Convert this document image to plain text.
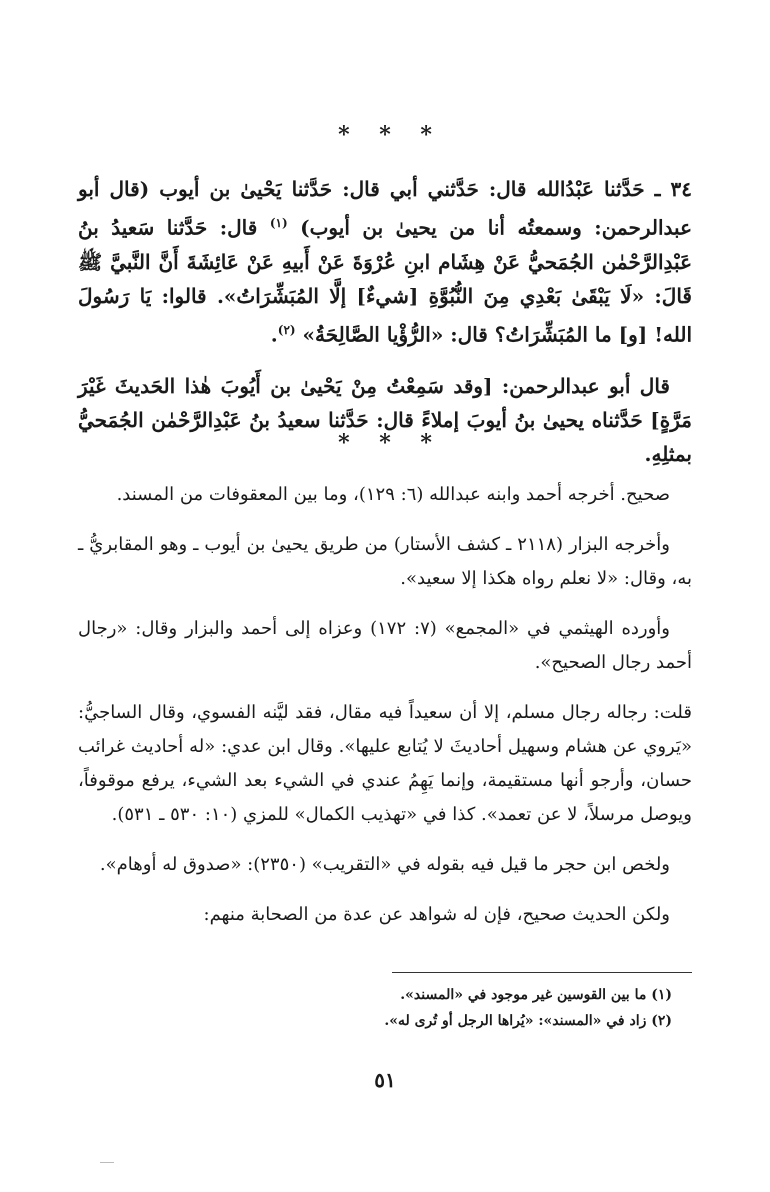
* * *

٣٤ ـ حَدَّثنا عَبْدُالله قال: حَدَّثني أبي قال: حَدَّثنا يَحْيىٰ بن أيوب (قال أبو عبدالرحمن: وسمعتُه أنا من يحيىٰ بن أيوب) $^{(١)}$ قال: حَدَّثنا سَعيدُ بنُ عَبْدِالرَّحْمٰن الجُمَحيُّ عَنْ هِشَام ابنِ عُرْوَةَ عَنْ أَبيهِ عَنْ عَائِشَةَ أَنَّ النَّبيَّ ﷺ قَالَ: «لَا يَبْقَىٰ بَعْدِي مِنَ النُّبُوَّةِ [شيءٌ] إلَّا المُبَشِّرَاتُ». قالوا: يَا رَسُولَ الله! [و] ما المُبَشِّرَاتُ؟ قال: «الرُّؤْيا الصَّالِحَةُ» $^{(٢)}$.

قال أبو عبدالرحمن: [وقد سَمِعْتُ مِنْ يَحْيىٰ بن أَيُوبَ هٰذا الحَديثَ غَيْرَ مَرَّةٍ] حَدَّثناه يحيىٰ بنُ أيوبَ إملاءً قال: حَدَّثنا سعيدُ بنُ عَبْدِالرَّحْمٰن الجُمَحيُّ بمثلِهِ.

* * *

صحيح. أخرجه أحمد وابنه عبدالله (٦: ١٢٩)، وما بين المعقوفات من المسند.

وأخرجه البزار (٢١١٨ ـ كشف الأستار) من طريق يحيىٰ بن أيوب ـ وهو المقابريُّ ـ به، وقال: «لا نعلم رواه هكذا إلا سعيد».

وأورده الهيثمي في «المجمع» (٧: ١٧٢) وعزاه إلى أحمد والبزار وقال: «رجال أحمد رجال الصحيح».

قلت: رجاله رجال مسلم، إلا أن سعيداً فيه مقال، فقد ليَّنه الفسوي، وقال الساجيُّ: «يَروي عن هشام وسهيل أحاديثَ لا يُتابع عليها». وقال ابن عدي: «له أحاديث غرائب حسان، وأرجو أنها مستقيمة، وإنما يَهِمُ عندي في الشيء بعد الشيء، يرفع موقوفاً، ويوصل مرسلاً، لا عن تعمد». كذا في «تهذيب الكمال» للمزي (١٠: ٥٣٠ ـ ٥٣١).

ولخص ابن حجر ما قيل فيه بقوله في «التقريب» (٢٣٥٠): «صدوق له أوهام».

ولكن الحديث صحيح، فإن له شواهد عن عدة من الصحابة منهم:

(١) ما بين القوسين غير موجود في «المسند».
(٢) زاد في «المسند»: «يُراها الرجل أو تُرى له».
٥١
